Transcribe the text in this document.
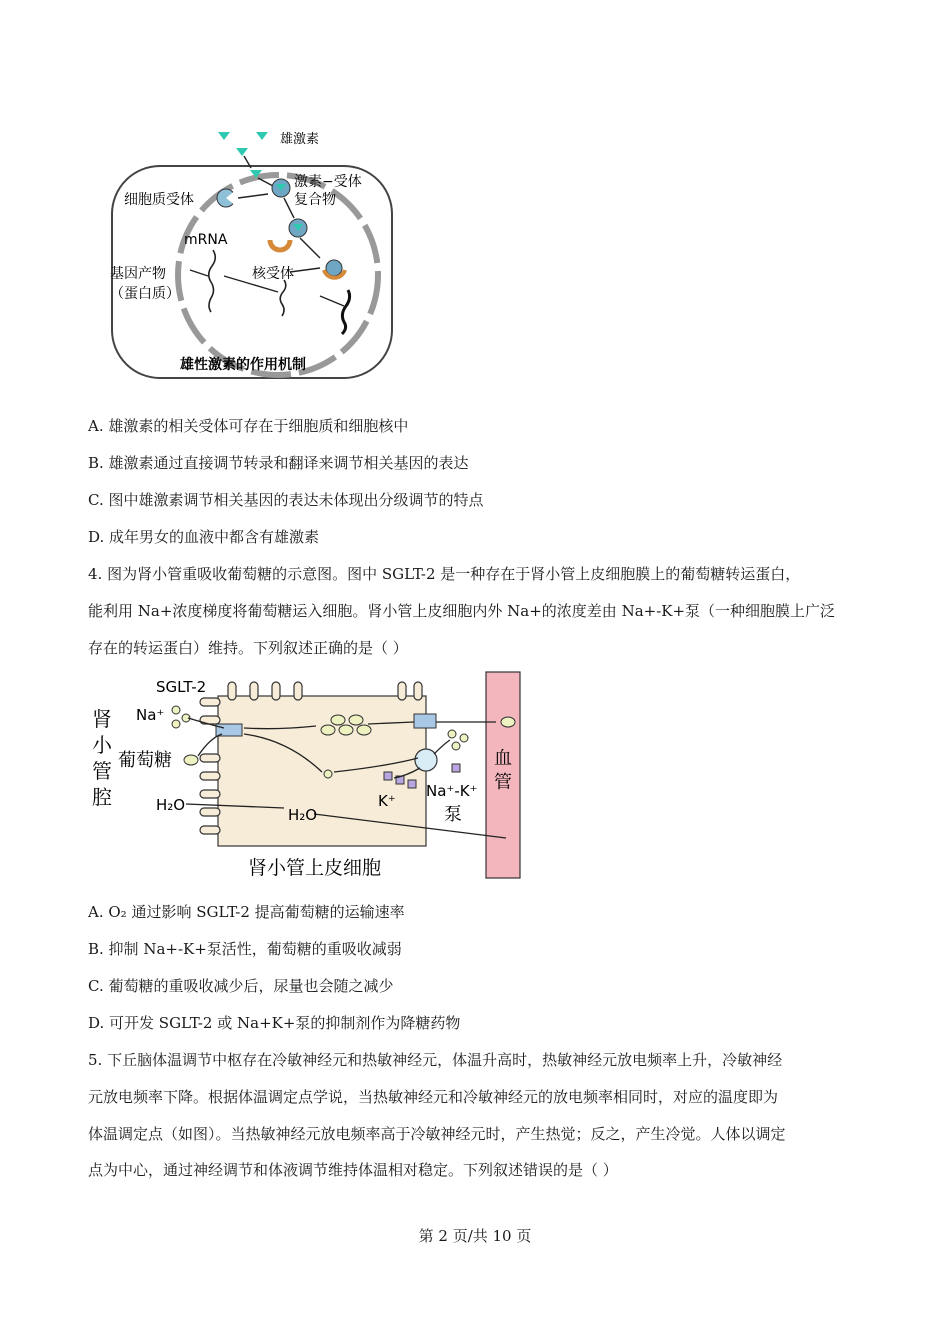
雄激素
激素−受体
复合物
细胞质受体
mRNA
基因产物
（蛋白质）
核受体
雄性激素的作用机制
A. 雄激素的相关受体可存在于细胞质和细胞核中
B. 雄激素通过直接调节转录和翻译来调节相关基因的表达
C. 图中雄激素调节相关基因的表达未体现出分级调节的特点
D. 成年男女的血液中都含有雄激素
4. 图为肾小管重吸收葡萄糖的示意图。图中 SGLT-2 是一种存在于肾小管上皮细胞膜上的葡萄糖转运蛋白，
能利用 Na+浓度梯度将葡萄糖运入细胞。肾小管上皮细胞内外 Na+的浓度差由 Na+-K+泵（一种细胞膜上广泛
存在的转运蛋白）维持。下列叙述正确的是（ ）
SGLT-2
Na⁺
肾
小
管
腔
葡萄糖
H₂O
H₂O
K⁺
Na⁺-K⁺
泵
血
管
肾小管上皮细胞
A. O₂ 通过影响 SGLT-2 提高葡萄糖的运输速率
B. 抑制 Na+-K+泵活性，葡萄糖的重吸收减弱
C. 葡萄糖的重吸收减少后，尿量也会随之减少
D. 可开发 SGLT-2 或 Na+K+泵的抑制剂作为降糖药物
5. 下丘脑体温调节中枢存在冷敏神经元和热敏神经元，体温升高时，热敏神经元放电频率上升，冷敏神经
元放电频率下降。根据体温调定点学说，当热敏神经元和冷敏神经元的放电频率相同时，对应的温度即为
体温调定点（如图）。当热敏神经元放电频率高于冷敏神经元时，产生热觉；反之，产生冷觉。人体以调定
点为中心，通过神经调节和体液调节维持体温相对稳定。下列叙述错误的是（ ）
第 2 页/共 10 页
